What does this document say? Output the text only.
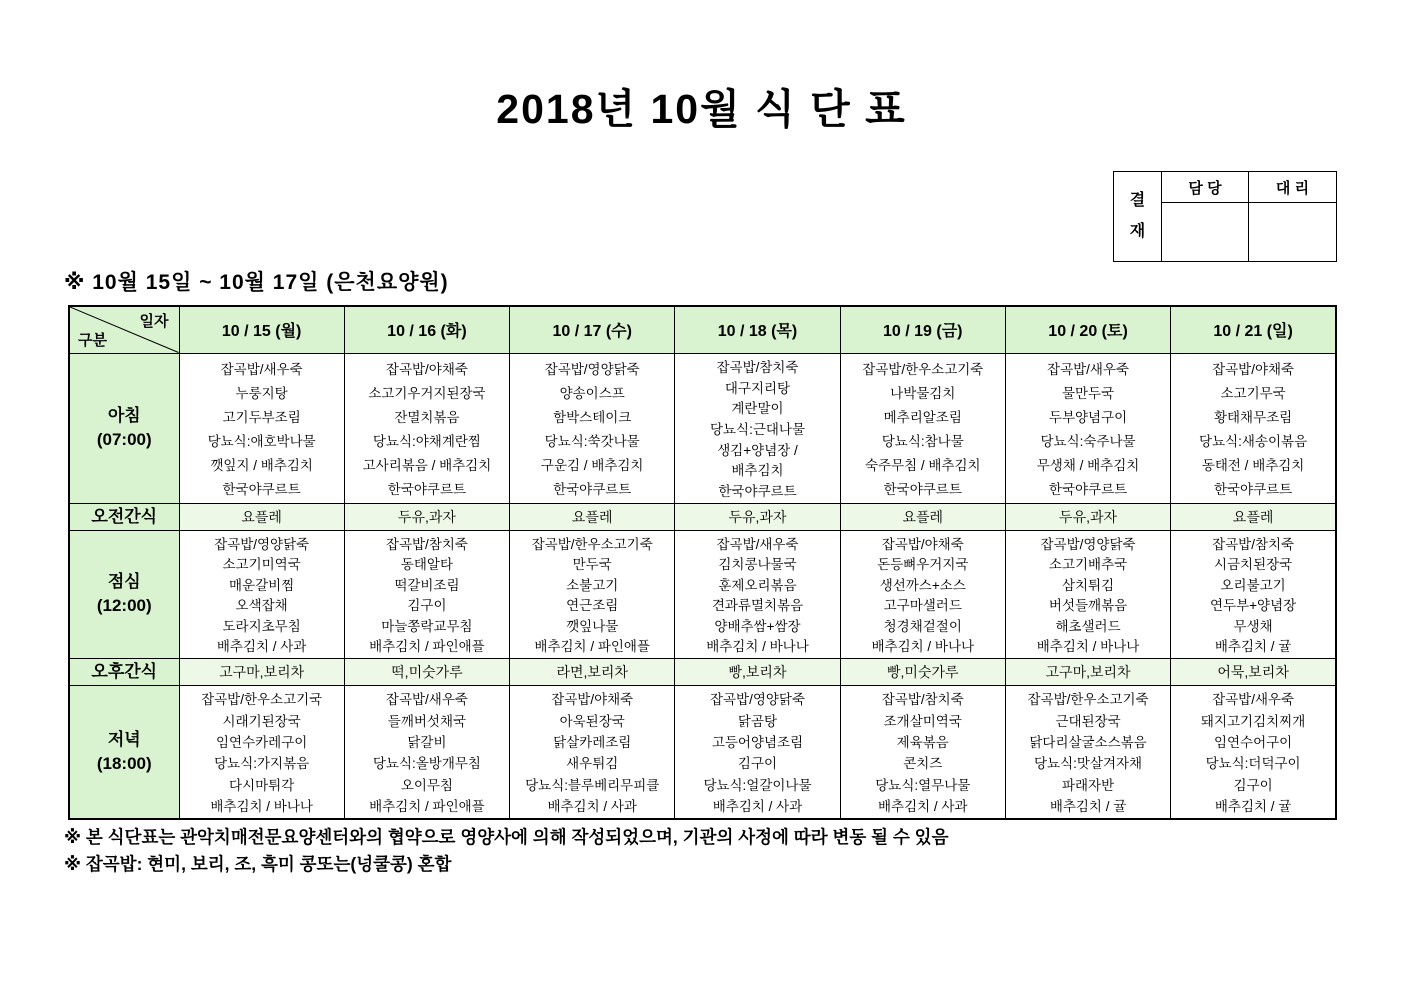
2018년 10월 식 단 표
결재
담 당	대 리
※ 10월 15일 ~ 10월 17일 (은천요양원)
일자
구분	10 / 15 (월)	10 / 16 (화)	10 / 17 (수)	10 / 18 (목)	10 / 19 (금)	10 / 20 (토)	10 / 21 (일)

아침
(07:00)

잡곡밥/새우죽
누룽지탕
고기두부조림
당뇨식:애호박나물
깻잎지 / 배추김치
한국야쿠르트

잡곡밥/야채죽
소고기우거지된장국
잔멸치볶음
당뇨식:야채계란찜
고사리볶음 / 배추김치
한국야쿠르트

잡곡밥/영양닭죽
양송이스프
함박스테이크
당뇨식:쑥갓나물
구운김 / 배추김치
한국야쿠르트

잡곡밥/참치죽
대구지리탕
계란말이
당뇨식:근대나물
생김+양념장 /
배추김치
한국야쿠르트

잡곡밥/한우소고기죽
나박물김치
메추리알조림
당뇨식:참나물
숙주무침 / 배추김치
한국야쿠르트

잡곡밥/새우죽
물만두국
두부양념구이
당뇨식:숙주나물
무생채 / 배추김치
한국야쿠르트

잡곡밥/야채죽
소고기무국
황태채무조림
당뇨식:새송이볶음
동태전 / 배추김치
한국야쿠르트

오전간식	요플레	두유,과자	요플레	두유,과자	요플레	두유,과자	요플레

점심
(12:00)

잡곡밥/영양닭죽
소고기미역국
매운갈비찜
오색잡채
도라지초무침
배추김치 / 사과

잡곡밥/참치죽
동태알타
떡갈비조림
김구이
마늘쫑락교무침
배추김치 / 파인애플

잡곡밥/한우소고기죽
만두국
소불고기
연근조림
깻잎나물
배추김치 / 파인애플

잡곡밥/새우죽
김치콩나물국
훈제오리볶음
견과류멸치볶음
양배추쌈+쌈장
배추김치 / 바나나

잡곡밥/야채죽
돈등뼈우거지국
생선까스+소스
고구마샐러드
청경채겉절이
배추김치 / 바나나

잡곡밥/영양닭죽
소고기배추국
삼치튀김
버섯들깨볶음
해초샐러드
배추김치 / 바나나

잡곡밥/참치죽
시금치된장국
오리불고기
연두부+양념장
무생채
배추김치 / 귤

오후간식	고구마,보리차	떡,미숫가루	라면,보리차	빵,보리차	빵,미숫가루	고구마,보리차	어묵,보리차

저녁
(18:00)

잡곡밥/한우소고기국
시래기된장국
임연수카레구이
당뇨식:가지볶음
다시마튀각
배추김치 / 바나나

잡곡밥/새우죽
들깨버섯채국
닭갈비
당뇨식:올방개무침
오이무침
배추김치 / 파인애플

잡곡밥/야채죽
아욱된장국
닭살카레조림
새우튀김
당뇨식:블루베리무피클
배추김치 / 사과

잡곡밥/영양닭죽
닭곰탕
고등어양념조림
김구이
당뇨식:얼갈이나물
배추김치 / 사과

잡곡밥/참치죽
조개살미역국
제육볶음
콘치즈
당뇨식:열무나물
배추김치 / 사과

잡곡밥/한우소고기죽
근대된장국
닭다리살굴소스볶음
당뇨식:맛살겨자채
파래자반
배추김치 / 귤

잡곡밥/새우죽
돼지고기김치찌개
임연수어구이
당뇨식:더덕구이
김구이
배추김치 / 귤
※ 본 식단표는 관악치매전문요양센터와의 협약으로 영양사에 의해 작성되었으며, 기관의 사정에 따라 변동 될 수 있음
※ 잡곡밥: 현미, 보리, 조, 흑미 콩또는(넝쿨콩) 혼합
